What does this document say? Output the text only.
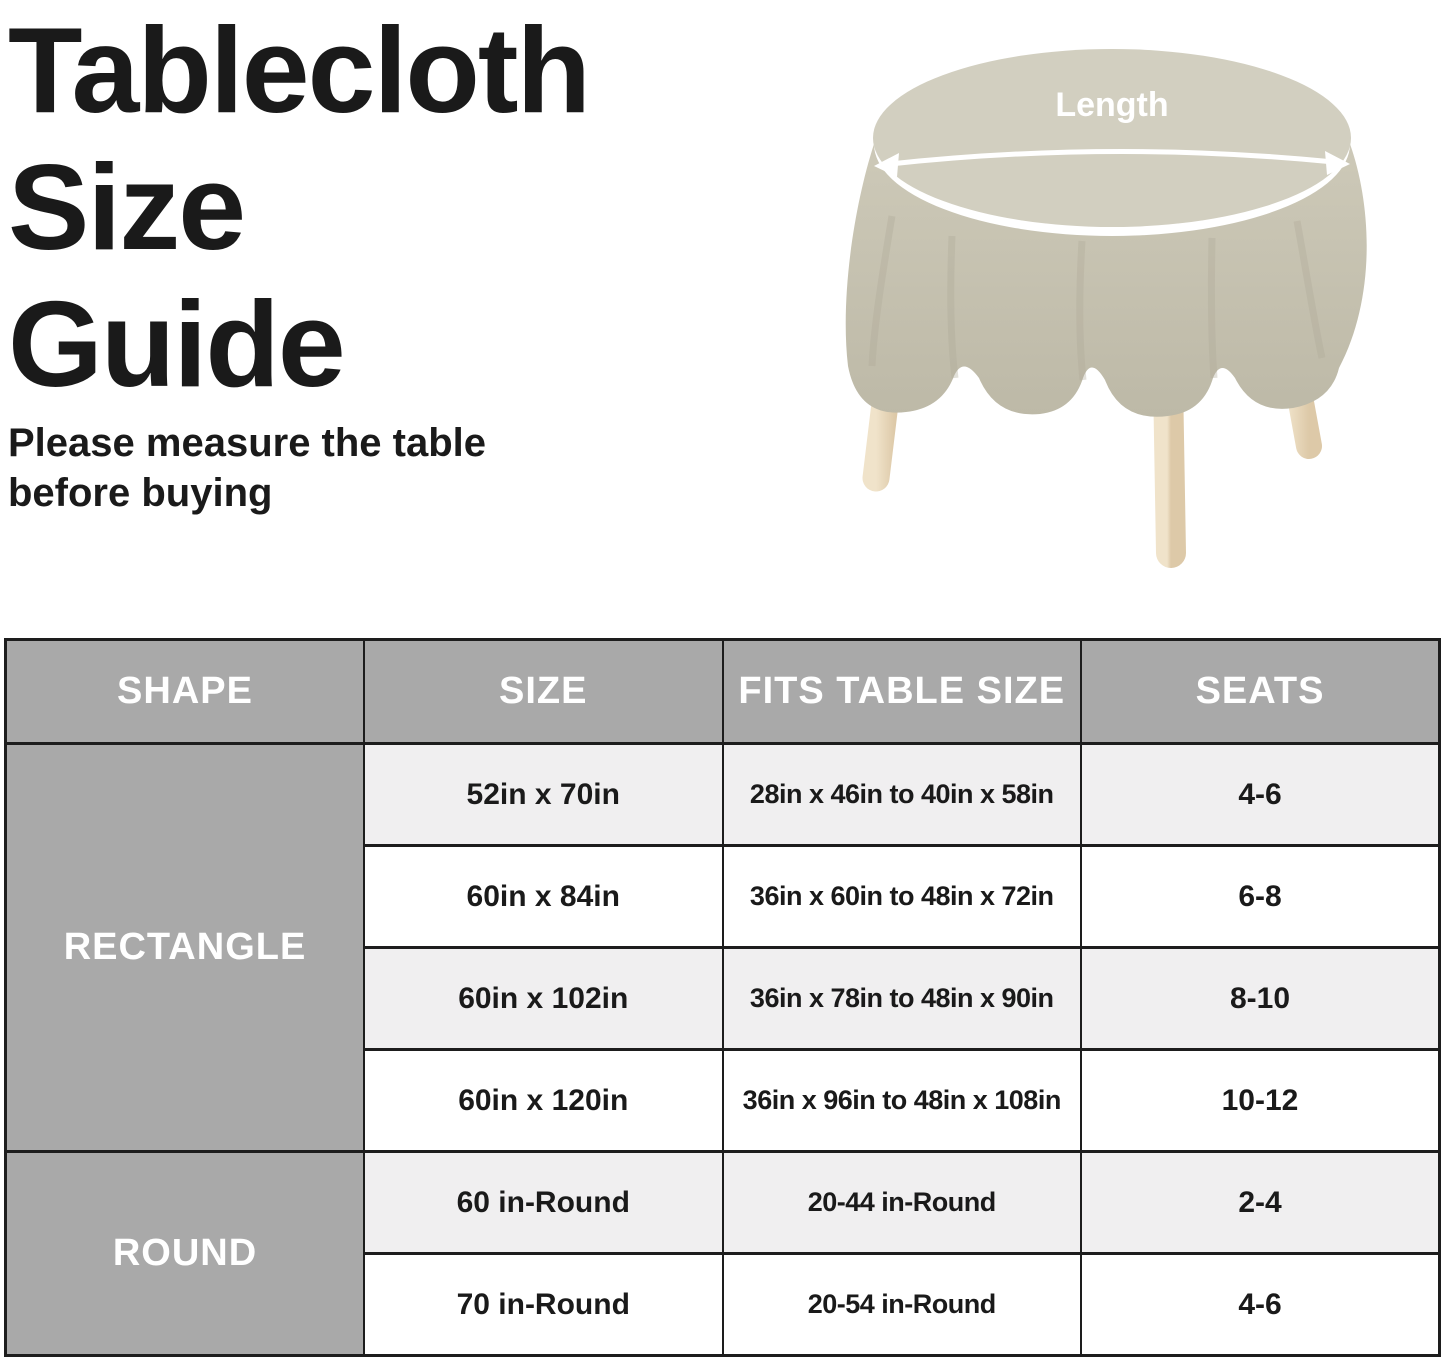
Tablecloth
Size
Guide

Please measure the table before buying

Length
SHAPE	SIZE	FITS TABLE SIZE	SEATS
RECTANGLE	52in x 70in	28in x 46in to 40in x 58in	4-6
	60in x 84in	36in x 60in to 48in x 72in	6-8
	60in x 102in	36in x 78in to 48in x 90in	8-10
	60in x 120in	36in x 96in to 48in x 108in	10-12
ROUND	60 in-Round	20-44 in-Round	2-4
	70 in-Round	20-54 in-Round	4-6
